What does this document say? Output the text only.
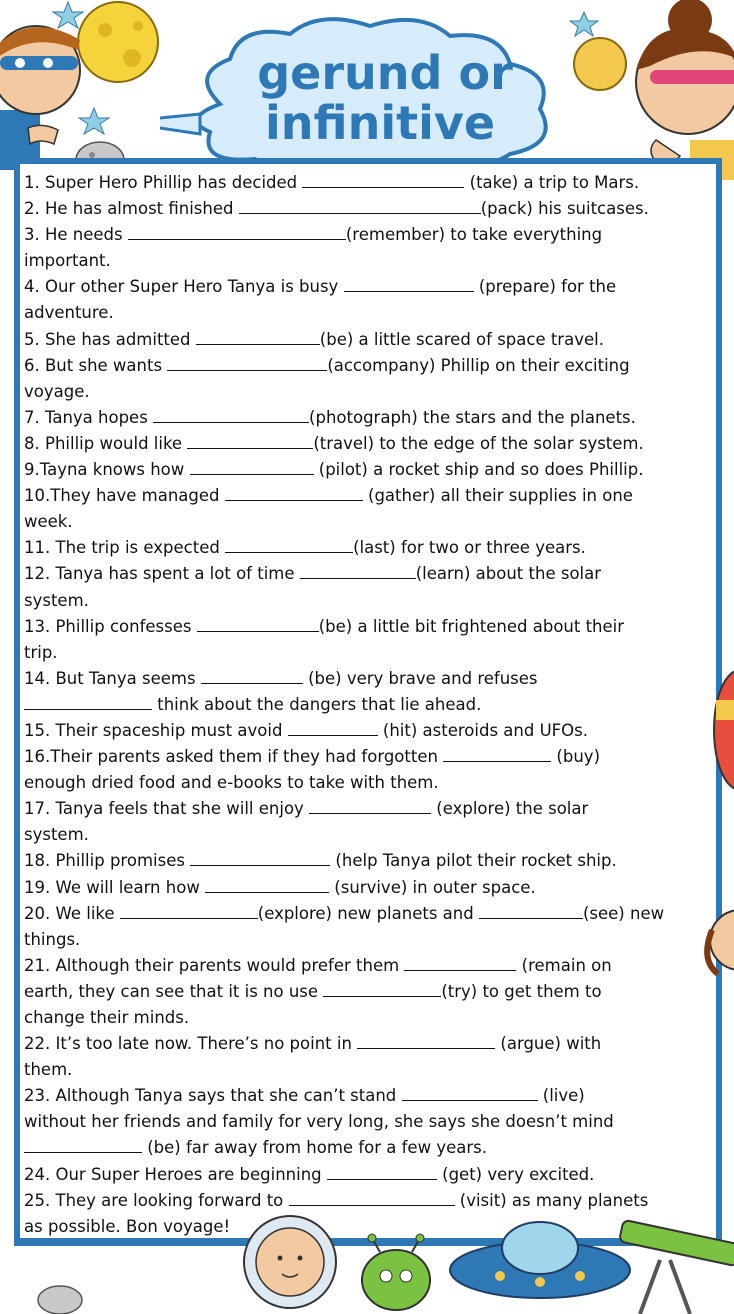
gerund or
infinitive
1. Super Hero Phillip has decided	(take) a trip to Mars.
2. He has almost finished	(pack) his suitcases.
3. He needs	(remember) to take everything
important.
4. Our other Super Hero Tanya is busy	(prepare) for the
adventure.
5. She has admitted	(be) a little scared of space travel.
6. But she wants	(accompany) Phillip on their exciting
voyage.
7. Tanya hopes	(photograph) the stars and the planets.
8. Phillip would like	(travel) to the edge of the solar system.
9.Tayna knows how	(pilot) a rocket ship and so does Phillip.
10.They have managed	(gather) all their supplies in one
week.
11. The trip is expected	(last) for two or three years.
12. Tanya has spent a lot of time	(learn) about the solar
system.
13. Phillip confesses	(be) a little bit frightened about their
trip.
14. But Tanya seems	(be) very brave and refuses
think about the dangers that lie ahead.
15. Their spaceship must avoid	(hit) asteroids and UFOs.
16.Their parents asked them if they had forgotten	(buy)
enough dried food and e-books to take with them.
17. Tanya feels that she will enjoy	(explore) the solar
system.
18. Phillip promises	(help Tanya pilot their rocket ship.
19. We will learn how	(survive) in outer space.
20. We like	(explore) new planets and	(see) new
things.
21. Although their parents would prefer them	(remain on
earth, they can see that it is no use	(try) to get them to
change their minds.
22. It’s too late now. There’s no point in	(argue) with
them.
23. Although Tanya says that she can’t stand	(live)
without her friends and family for very long, she says she doesn’t mind
(be) far away from home for a few years.
24. Our Super Heroes are beginning	(get) very excited.
25. They are looking forward to	(visit) as many planets
as possible. Bon voyage!
